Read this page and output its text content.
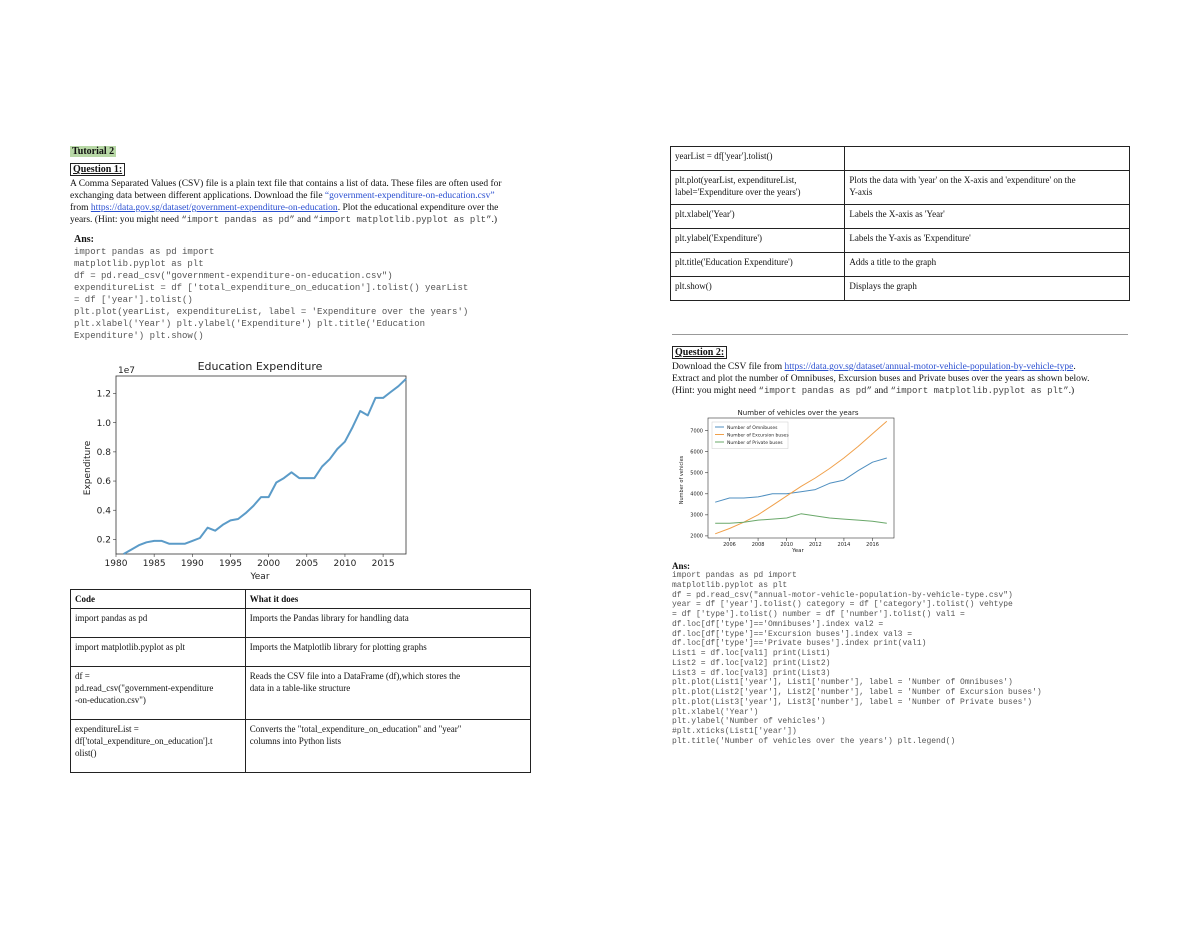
Tutorial 2
Question 1:
A Comma Separated Values (CSV) file is a plain text file that contains a list of data. These files are often used for
exchanging data between different applications. Download the file “government-expenditure-on-education.csv”
from https://data.gov.sg/dataset/government-expenditure-on-education. Plot the educational expenditure over the
years. (Hint: you might need “import pandas as pd” and “import matplotlib.pyplot as plt”.)
Ans:
import pandas as pd import
matplotlib.pyplot as plt
df = pd.read_csv("government-expenditure-on-education.csv")
expenditureList = df ['total_expenditure_on_education'].tolist() yearList
= df ['year'].tolist()
plt.plot(yearList, expenditureList, label = 'Expenditure over the years')
plt.xlabel('Year') plt.ylabel('Expenditure') plt.title('Education
Expenditure') plt.show()
Education Expenditure
1e7
Year
Expenditure
1980 1985 1990 1995 2000 2005 2010 2015
0.2
0.4
0.6
0.8
1.0
1.2
Code	What it does
import pandas as pd	Imports the Pandas library for handling data
import matplotlib.pyplot as plt	Imports the Matplotlib library for plotting graphs
df =
pd.read_csv("government-expenditure
-on-education.csv")	Reads the CSV file into a DataFrame (df),which stores the
data in a table-like structure
expenditureList =
df['total_expenditure_on_education'].t
olist()	Converts the "total_expenditure_on_education" and "year"
columns into Python lists
yearList = df['year'].tolist()	
plt.plot(yearList, expenditureList,
label='Expenditure over the years')	Plots the data with 'year' on the X-axis and 'expenditure' on the
Y-axis
plt.xlabel('Year')	Labels the X-axis as 'Year'
plt.ylabel('Expenditure')	Labels the Y-axis as 'Expenditure'
plt.title('Education Expenditure')	Adds a title to the graph
plt.show()	Displays the graph
Question 2:
Download the CSV file from https://data.gov.sg/dataset/annual-motor-vehicle-population-by-vehicle-type.
Extract and plot the number of Omnibuses, Excursion buses and Private buses over the years as shown below.
(Hint: you might need “import pandas as pd” and “import matplotlib.pyplot as plt”.)
Number of vehicles over the years
Year
Number of vehicles
2006	2008	2010	2012	2014	2016
2000
3000
4000
5000
6000
7000
Number of Omnibuses
Number of Excursion buses
Number of Private buses
Ans:
import pandas as pd import
matplotlib.pyplot as plt
df = pd.read_csv("annual-motor-vehicle-population-by-vehicle-type.csv")
year = df ['year'].tolist() category = df ['category'].tolist() vehtype
= df ['type'].tolist() number = df ['number'].tolist() val1 =
df.loc[df['type']=='Omnibuses'].index val2 =
df.loc[df['type']=='Excursion buses'].index val3 =
df.loc[df['type']=='Private buses'].index print(val1)
List1 = df.loc[val1] print(List1)
List2 = df.loc[val2] print(List2)
List3 = df.loc[val3] print(List3)
plt.plot(List1['year'], List1['number'], label = 'Number of Omnibuses')
plt.plot(List2['year'], List2['number'], label = 'Number of Excursion buses')
plt.plot(List3['year'], List3['number'], label = 'Number of Private buses')
plt.xlabel('Year')
plt.ylabel('Number of vehicles')
#plt.xticks(List1['year'])
plt.title('Number of vehicles over the years') plt.legend()
